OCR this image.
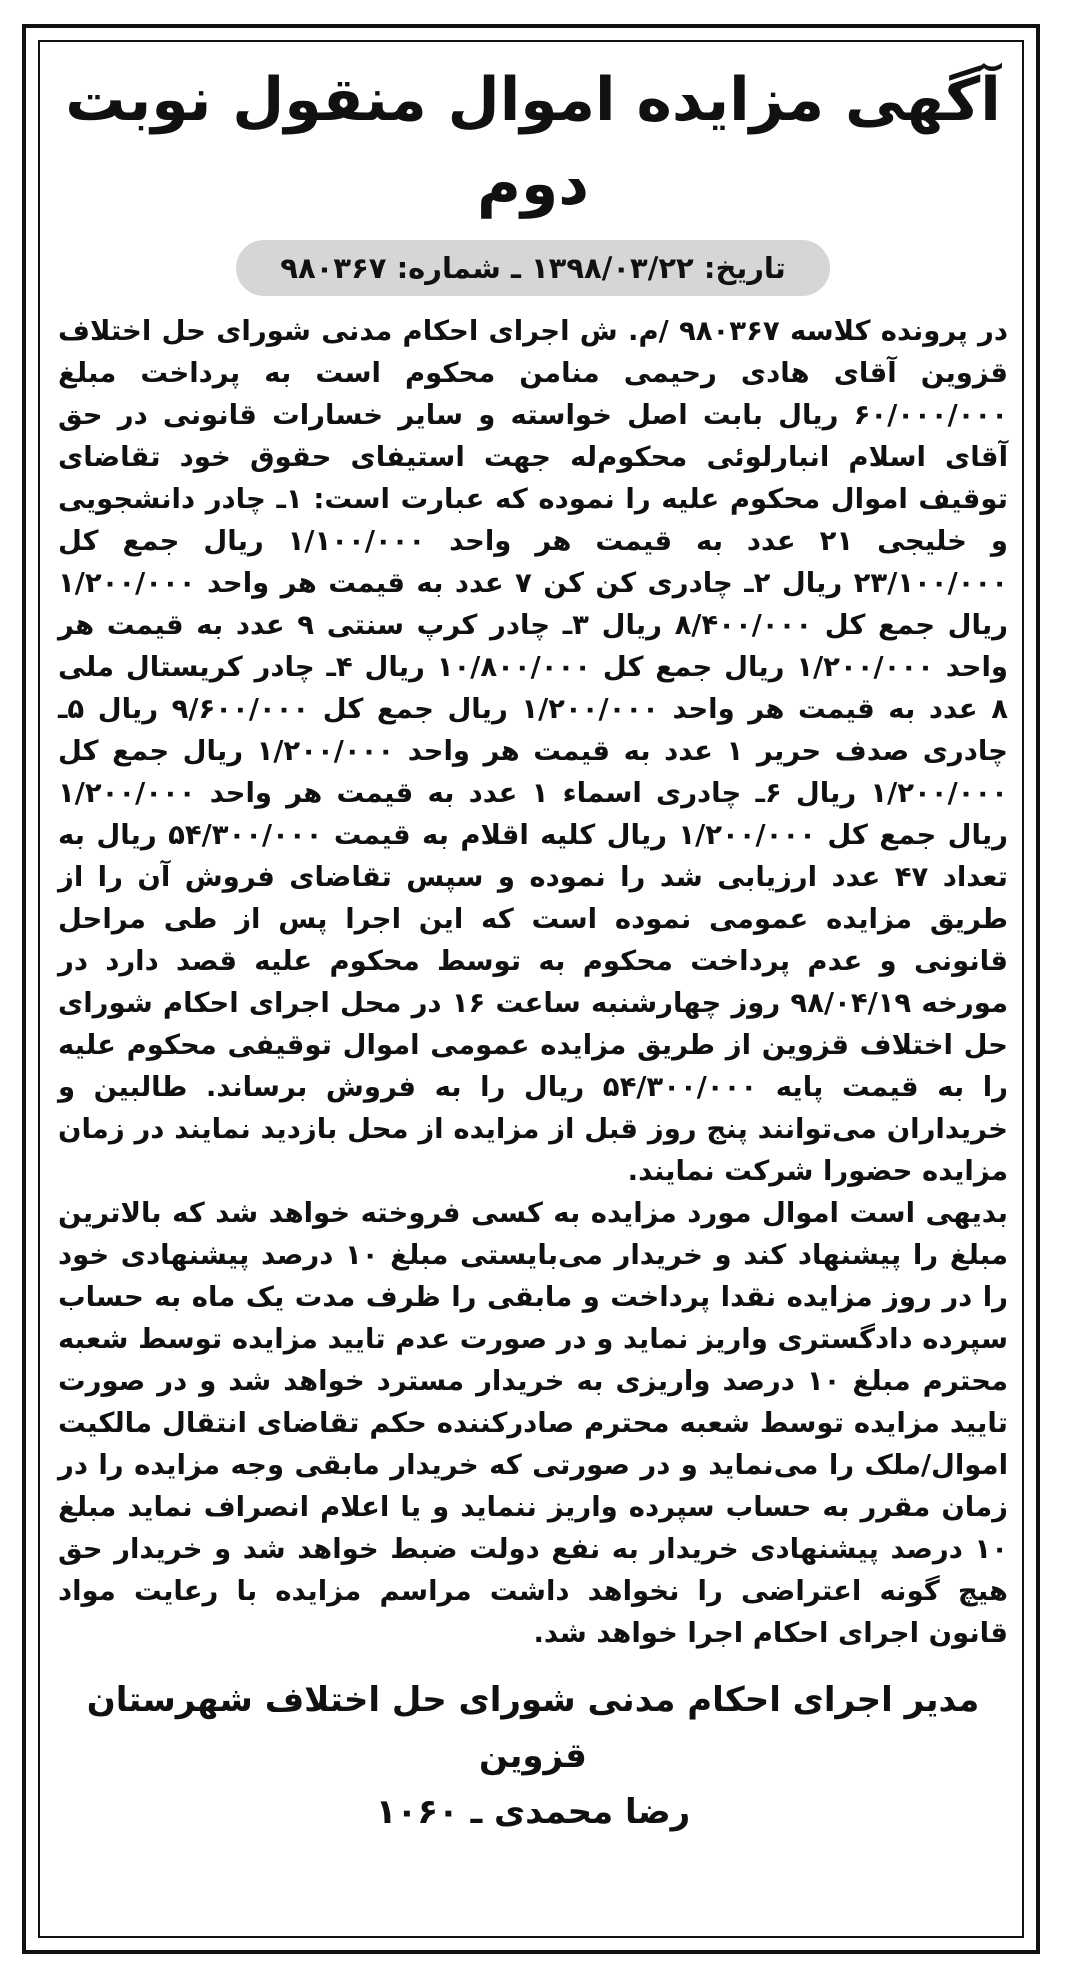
آگهی مزایده اموال منقول نوبت دوم
تاریخ: ۱۳۹۸/۰۳/۲۲ ـ شماره: ۹۸۰۳۶۷

در پرونده کلاسه ۹۸۰۳۶۷ /م. ش اجرای احکام مدنی شورای حل اختلاف قزوین آقای هادی رحیمی منامن محکوم است به پرداخت مبلغ ۶۰/۰۰۰/۰۰۰ ریال بابت اصل خواسته و سایر خسارات قانونی در حق آقای اسلام انبارلوئی محکوم‌له جهت استیفای حقوق خود تقاضای توقیف اموال محکوم علیه را نموده که عبارت است: ۱ـ چادر دانشجویی و خلیجی ۲۱ عدد به قیمت هر واحد ۱/۱۰۰/۰۰۰ ریال جمع کل ۲۳/۱۰۰/۰۰۰ ریال ۲ـ چادری کن کن ۷ عدد به قیمت هر واحد ۱/۲۰۰/۰۰۰ ریال جمع کل ۸/۴۰۰/۰۰۰ ریال ۳ـ چادر کرپ سنتی ۹ عدد به قیمت هر واحد ۱/۲۰۰/۰۰۰ ریال جمع کل ۱۰/۸۰۰/۰۰۰ ریال ۴ـ چادر کریستال ملی ۸ عدد به قیمت هر واحد ۱/۲۰۰/۰۰۰ ریال جمع کل ۹/۶۰۰/۰۰۰ ریال ۵ـ چادری صدف حریر ۱ عدد به قیمت هر واحد ۱/۲۰۰/۰۰۰ ریال جمع کل ۱/۲۰۰/۰۰۰ ریال ۶ـ چادری اسماء ۱ عدد به قیمت هر واحد ۱/۲۰۰/۰۰۰ ریال جمع کل ۱/۲۰۰/۰۰۰ ریال کلیه اقلام به قیمت ۵۴/۳۰۰/۰۰۰ ریال به تعداد ۴۷ عدد ارزیابی شد را نموده و سپس تقاضای فروش آن را از طریق مزایده عمومی نموده است که این اجرا پس از طی مراحل قانونی و عدم پرداخت محکوم به توسط محکوم علیه قصد دارد در مورخه ۹۸/۰۴/۱۹ روز چهارشنبه ساعت ۱۶ در محل اجرای احکام شورای حل اختلاف قزوین از طریق مزایده عمومی اموال توقیفی محکوم علیه را به قیمت پایه ۵۴/۳۰۰/۰۰۰ ریال را به فروش برساند. طالبین و خریداران می‌توانند پنج روز قبل از مزایده از محل بازدید نمایند در زمان مزایده حضورا شرکت نمایند.

بدیهی است اموال مورد مزایده به کسی فروخته خواهد شد که بالاترین مبلغ را پیشنهاد کند و خریدار می‌بایستی مبلغ ۱۰ درصد پیشنهادی خود را در روز مزایده نقدا پرداخت و مابقی را ظرف مدت یک ماه به حساب سپرده دادگستری واریز نماید و در صورت عدم تایید مزایده توسط شعبه محترم مبلغ ۱۰ درصد واریزی به خریدار مسترد خواهد شد و در صورت تایید مزایده توسط شعبه محترم صادرکننده حکم تقاضای انتقال مالکیت اموال/ملک را می‌نماید و در صورتی که خریدار مابقی وجه مزایده را در زمان مقرر به حساب سپرده واریز ننماید و یا اعلام انصراف نماید مبلغ ۱۰ درصد پیشنهادی خریدار به نفع دولت ضبط خواهد شد و خریدار حق هیچ گونه اعتراضی را نخواهد داشت مراسم مزایده با رعایت مواد قانون اجرای احکام اجرا خواهد شد.

مدیر اجرای احکام مدنی شورای حل اختلاف شهرستان قزوین
رضا محمدی ـ ۱۰۶۰
